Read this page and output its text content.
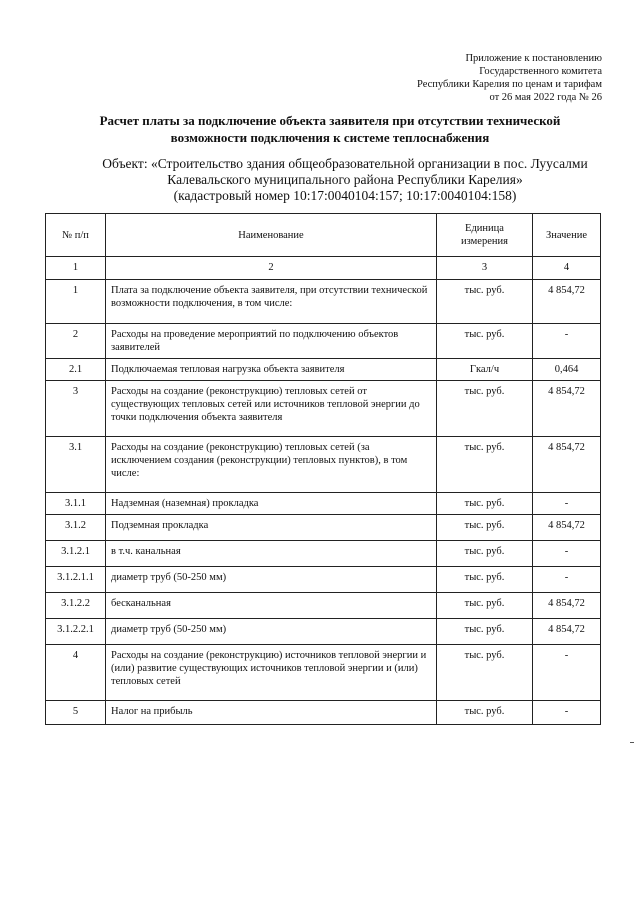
Приложение к постановлению
Государственного комитета
Республики Карелия по ценам и тарифам
от 26 мая 2022 года № 26
Расчет платы за подключение объекта заявителя при отсутствии технической
возможности подключения к системе теплоснабжения
Объект: «Строительство здания общеобразовательной организации в пос. Луусалми
Калевальского муниципального района Республики Карелия»
(кадастровый номер 10:17:0040104:157; 10:17:0040104:158)
№ п/п	Наименование	Единица измерения	Значение
1	2	3	4
1	Плата за подключение объекта заявителя, при отсутствии технической возможности подключения, в том числе:	тыс. руб.	4 854,72
2	Расходы на проведение мероприятий по подключению объектов заявителей	тыс. руб.	-
2.1	Подключаемая тепловая нагрузка объекта заявителя	Гкал/ч	0,464
3	Расходы на создание (реконструкцию) тепловых сетей от существующих тепловых сетей или источников тепловой энергии до точки подключения объекта заявителя	тыс. руб.	4 854,72
3.1	Расходы на создание (реконструкцию) тепловых сетей (за исключением создания (реконструкции) тепловых пунктов), в том числе:	тыс. руб.	4 854,72
3.1.1	Надземная (наземная) прокладка	тыс. руб.	-
3.1.2	Подземная прокладка	тыс. руб.	4 854,72
3.1.2.1	в т.ч. канальная	тыс. руб.	-
3.1.2.1.1	диаметр труб (50-250 мм)	тыс. руб.	-
3.1.2.2	бесканальная	тыс. руб.	4 854,72
3.1.2.2.1	диаметр труб (50-250 мм)	тыс. руб.	4 854,72
4	Расходы на создание (реконструкцию) источников тепловой энергии и (или) развитие существующих источников тепловой энергии и (или) тепловых сетей	тыс. руб.	-
5	Налог на прибыль	тыс. руб.	-
